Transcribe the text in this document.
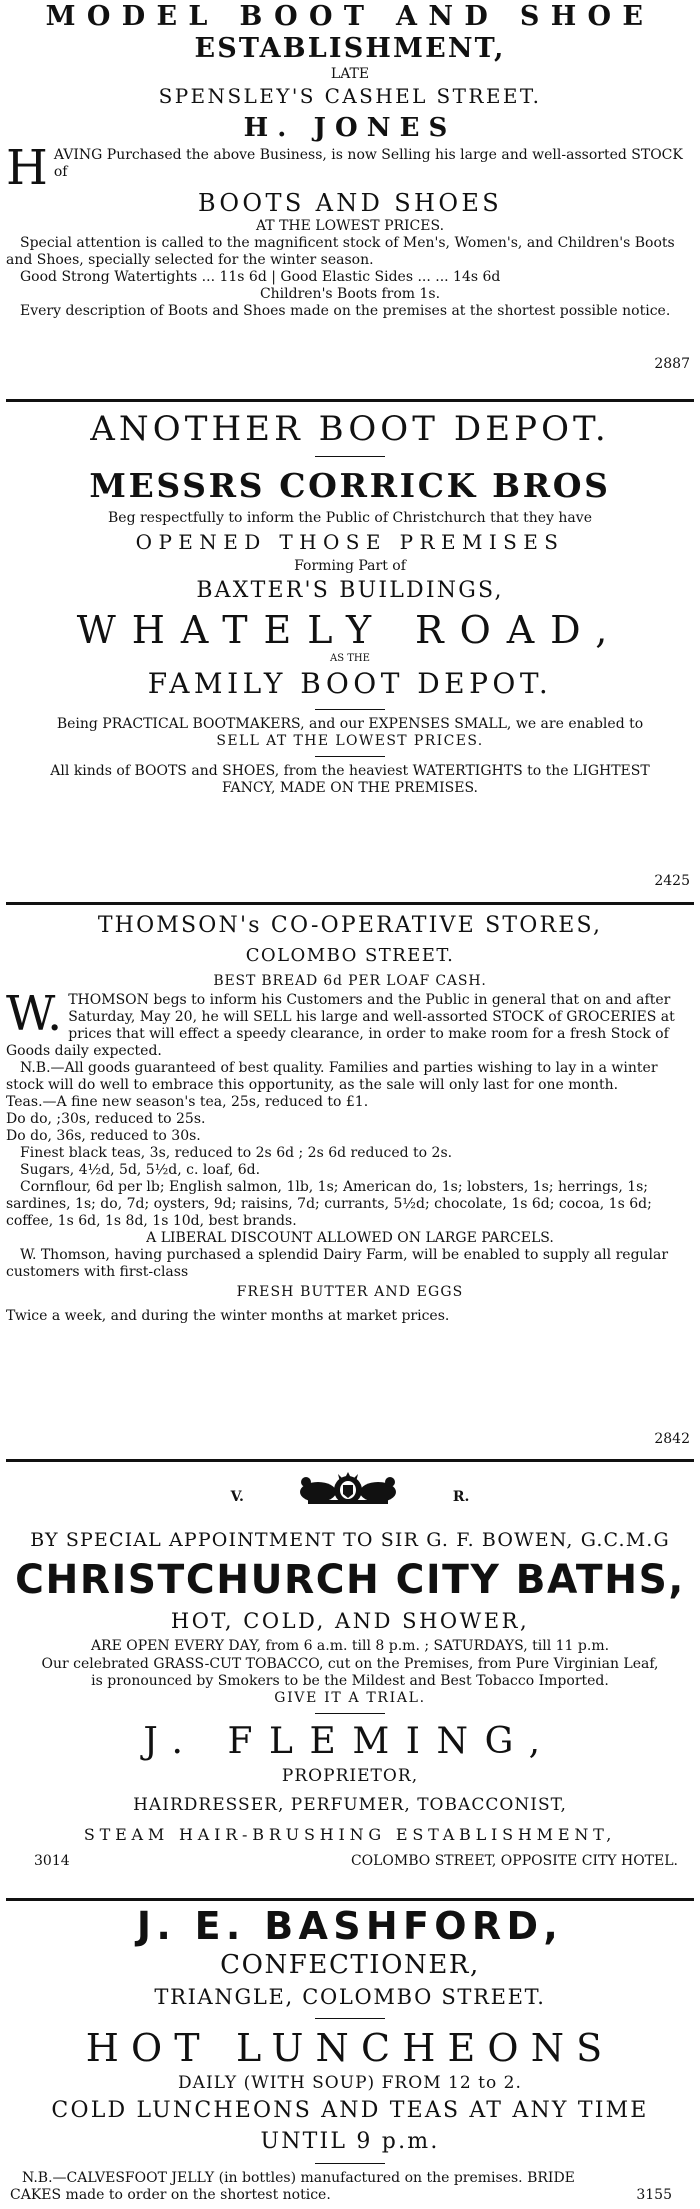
MODEL BOOT AND SHOE
ESTABLISHMENT,
LATE
SPENSLEY'S CASHEL STREET.
H. JONES
H AVING Purchased the above Business, is now Selling his large and well-assorted STOCK of
BOOTS AND SHOES
AT THE LOWEST PRICES.
Special attention is called to the magnificent stock of Men's, Women's, and Children's Boots and Shoes, specially selected for the winter season.
Good Strong Watertights ... 11s 6d | Good Elastic Sides ... ... 14s 6d
Children's Boots from 1s.
Every description of Boots and Shoes made on the premises at the shortest possible notice.
2887
ANOTHER BOOT DEPOT.
MESSRS CORRICK BROS
Beg respectfully to inform the Public of Christchurch that they have
OPENED THOSE PREMISES
Forming Part of
BAXTER'S BUILDINGS,
WHATELY ROAD,
AS THE
FAMILY BOOT DEPOT.
Being PRACTICAL BOOTMAKERS, and our EXPENSES SMALL, we are enabled to
SELL AT THE LOWEST PRICES.
All kinds of BOOTS and SHOES, from the heaviest WATERTIGHTS to the LIGHTEST
FANCY, MADE ON THE PREMISES.
2425
THOMSON's CO-OPERATIVE STORES,
COLOMBO STREET.
BEST BREAD 6d PER LOAF CASH.
W. THOMSON begs to inform his Customers and the Public in general that on and after Saturday, May 20, he will SELL his large and well-assorted STOCK of GROCERIES at prices that will effect a speedy clearance, in order to make room for a fresh Stock of Goods daily expected.
N.B.—All goods guaranteed of best quality. Families and parties wishing to lay in a winter stock will do well to embrace this opportunity, as the sale will only last for one month.
Teas.—A fine new season's tea, 25s, reduced to £1.
Do do, ;30s, reduced to 25s.
Do do, 36s, reduced to 30s.
Finest black teas, 3s, reduced to 2s 6d ; 2s 6d reduced to 2s.
Sugars, 4½d, 5d, 5½d, c. loaf, 6d.
Cornflour, 6d per lb; English salmon, 1lb, 1s; American do, 1s; lobsters, 1s; herrings, 1s; sardines, 1s; do, 7d; oysters, 9d; raisins, 7d; currants, 5½d; chocolate, 1s 6d; cocoa, 1s 6d; coffee, 1s 6d, 1s 8d, 1s 10d, best brands.
A LIBERAL DISCOUNT ALLOWED ON LARGE PARCELS.
W. Thomson, having purchased a splendid Dairy Farm, will be enabled to supply all regular customers with first-class
FRESH BUTTER AND EGGS
Twice a week, and during the winter months at market prices.
2842
V.	R.
BY SPECIAL APPOINTMENT TO SIR G. F. BOWEN, G.C.M.G
CHRISTCHURCH CITY BATHS,
HOT, COLD, AND SHOWER,
ARE OPEN EVERY DAY, from 6 a.m. till 8 p.m. ; SATURDAYS, till 11 p.m.
Our celebrated GRASS-CUT TOBACCO, cut on the Premises, from Pure Virginian Leaf,
is pronounced by Smokers to be the Mildest and Best Tobacco Imported.
GIVE IT A TRIAL.
J. FLEMING,
PROPRIETOR,
HAIRDRESSER, PERFUMER, TOBACCONIST,
STEAM HAIR-BRUSHING ESTABLISHMENT,
3014	COLOMBO STREET, OPPOSITE CITY HOTEL.
J. E. BASHFORD,
CONFECTIONER,
TRIANGLE, COLOMBO STREET.
HOT LUNCHEONS
DAILY (WITH SOUP) FROM 12 to 2.
COLD LUNCHEONS AND TEAS AT ANY TIME
UNTIL 9 p.m.
N.B.—CALVESFOOT JELLY (in bottles) manufactured on the premises. BRIDE
CAKES made to order on the shortest notice.	3155
